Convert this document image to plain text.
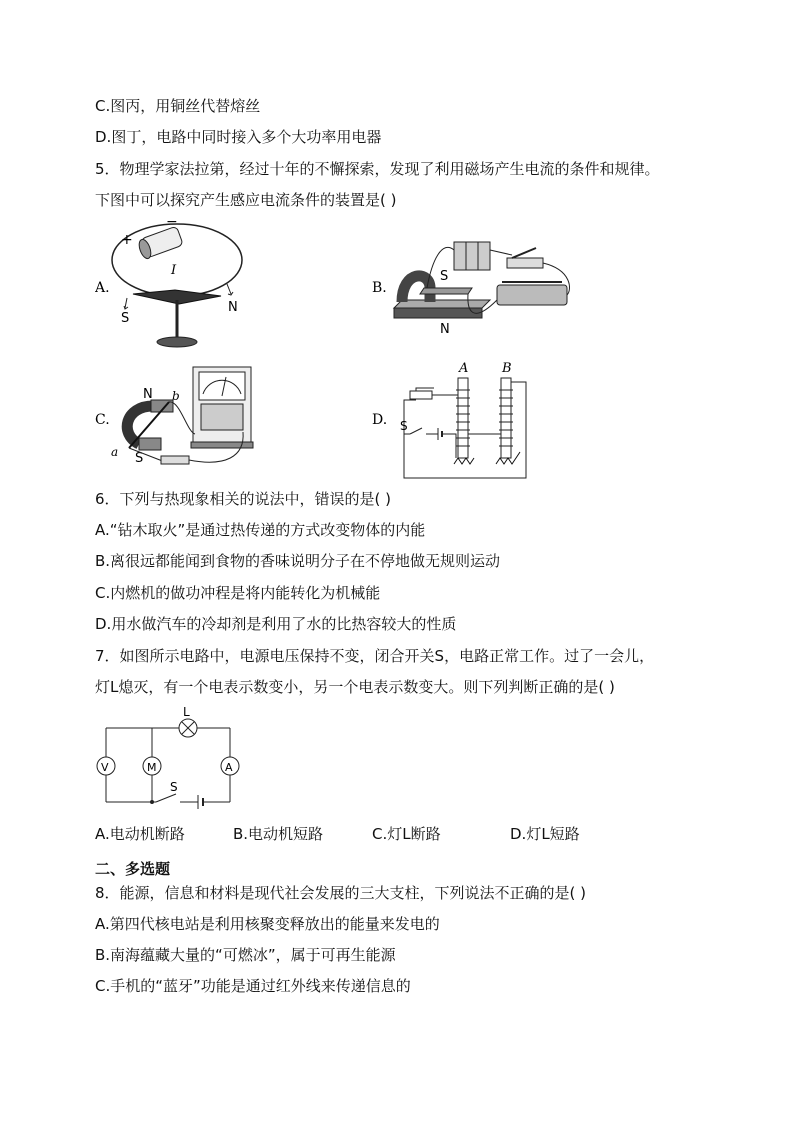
C.图丙，用铜丝代替熔丝
D.图丁，电路中同时接入多个大功率用电器
5．物理学家法拉第，经过十年的不懈探索，发现了利用磁场产生电流的条件和规律。
下图中可以探究产生感应电流条件的装置是( )
A.
+
−
I
S
N
B.
S
N
C.
N
S
a
b
D.
A	B
S
6．下列与热现象相关的说法中，错误的是( )
A.“钻木取火”是通过热传递的方式改变物体的内能
B.离很远都能闻到食物的香味说明分子在不停地做无规则运动
C.内燃机的做功冲程是将内能转化为机械能
D.用水做汽车的冷却剂是利用了水的比热容较大的性质
7．如图所示电路中，电源电压保持不变，闭合开关S，电路正常工作。过了一会儿，
灯L熄灭，有一个电表示数变小，另一个电表示数变大。则下列判断正确的是( )
S
L
V	M	A
A.电动机断路	B.电动机短路	C.灯L断路	D.灯L短路
二、多选题
8．能源，信息和材料是现代社会发展的三大支柱，下列说法不正确的是( )
A.第四代核电站是利用核聚变释放出的能量来发电的
B.南海蕴藏大量的“可燃冰”，属于可再生能源
C.手机的“蓝牙”功能是通过红外线来传递信息的
